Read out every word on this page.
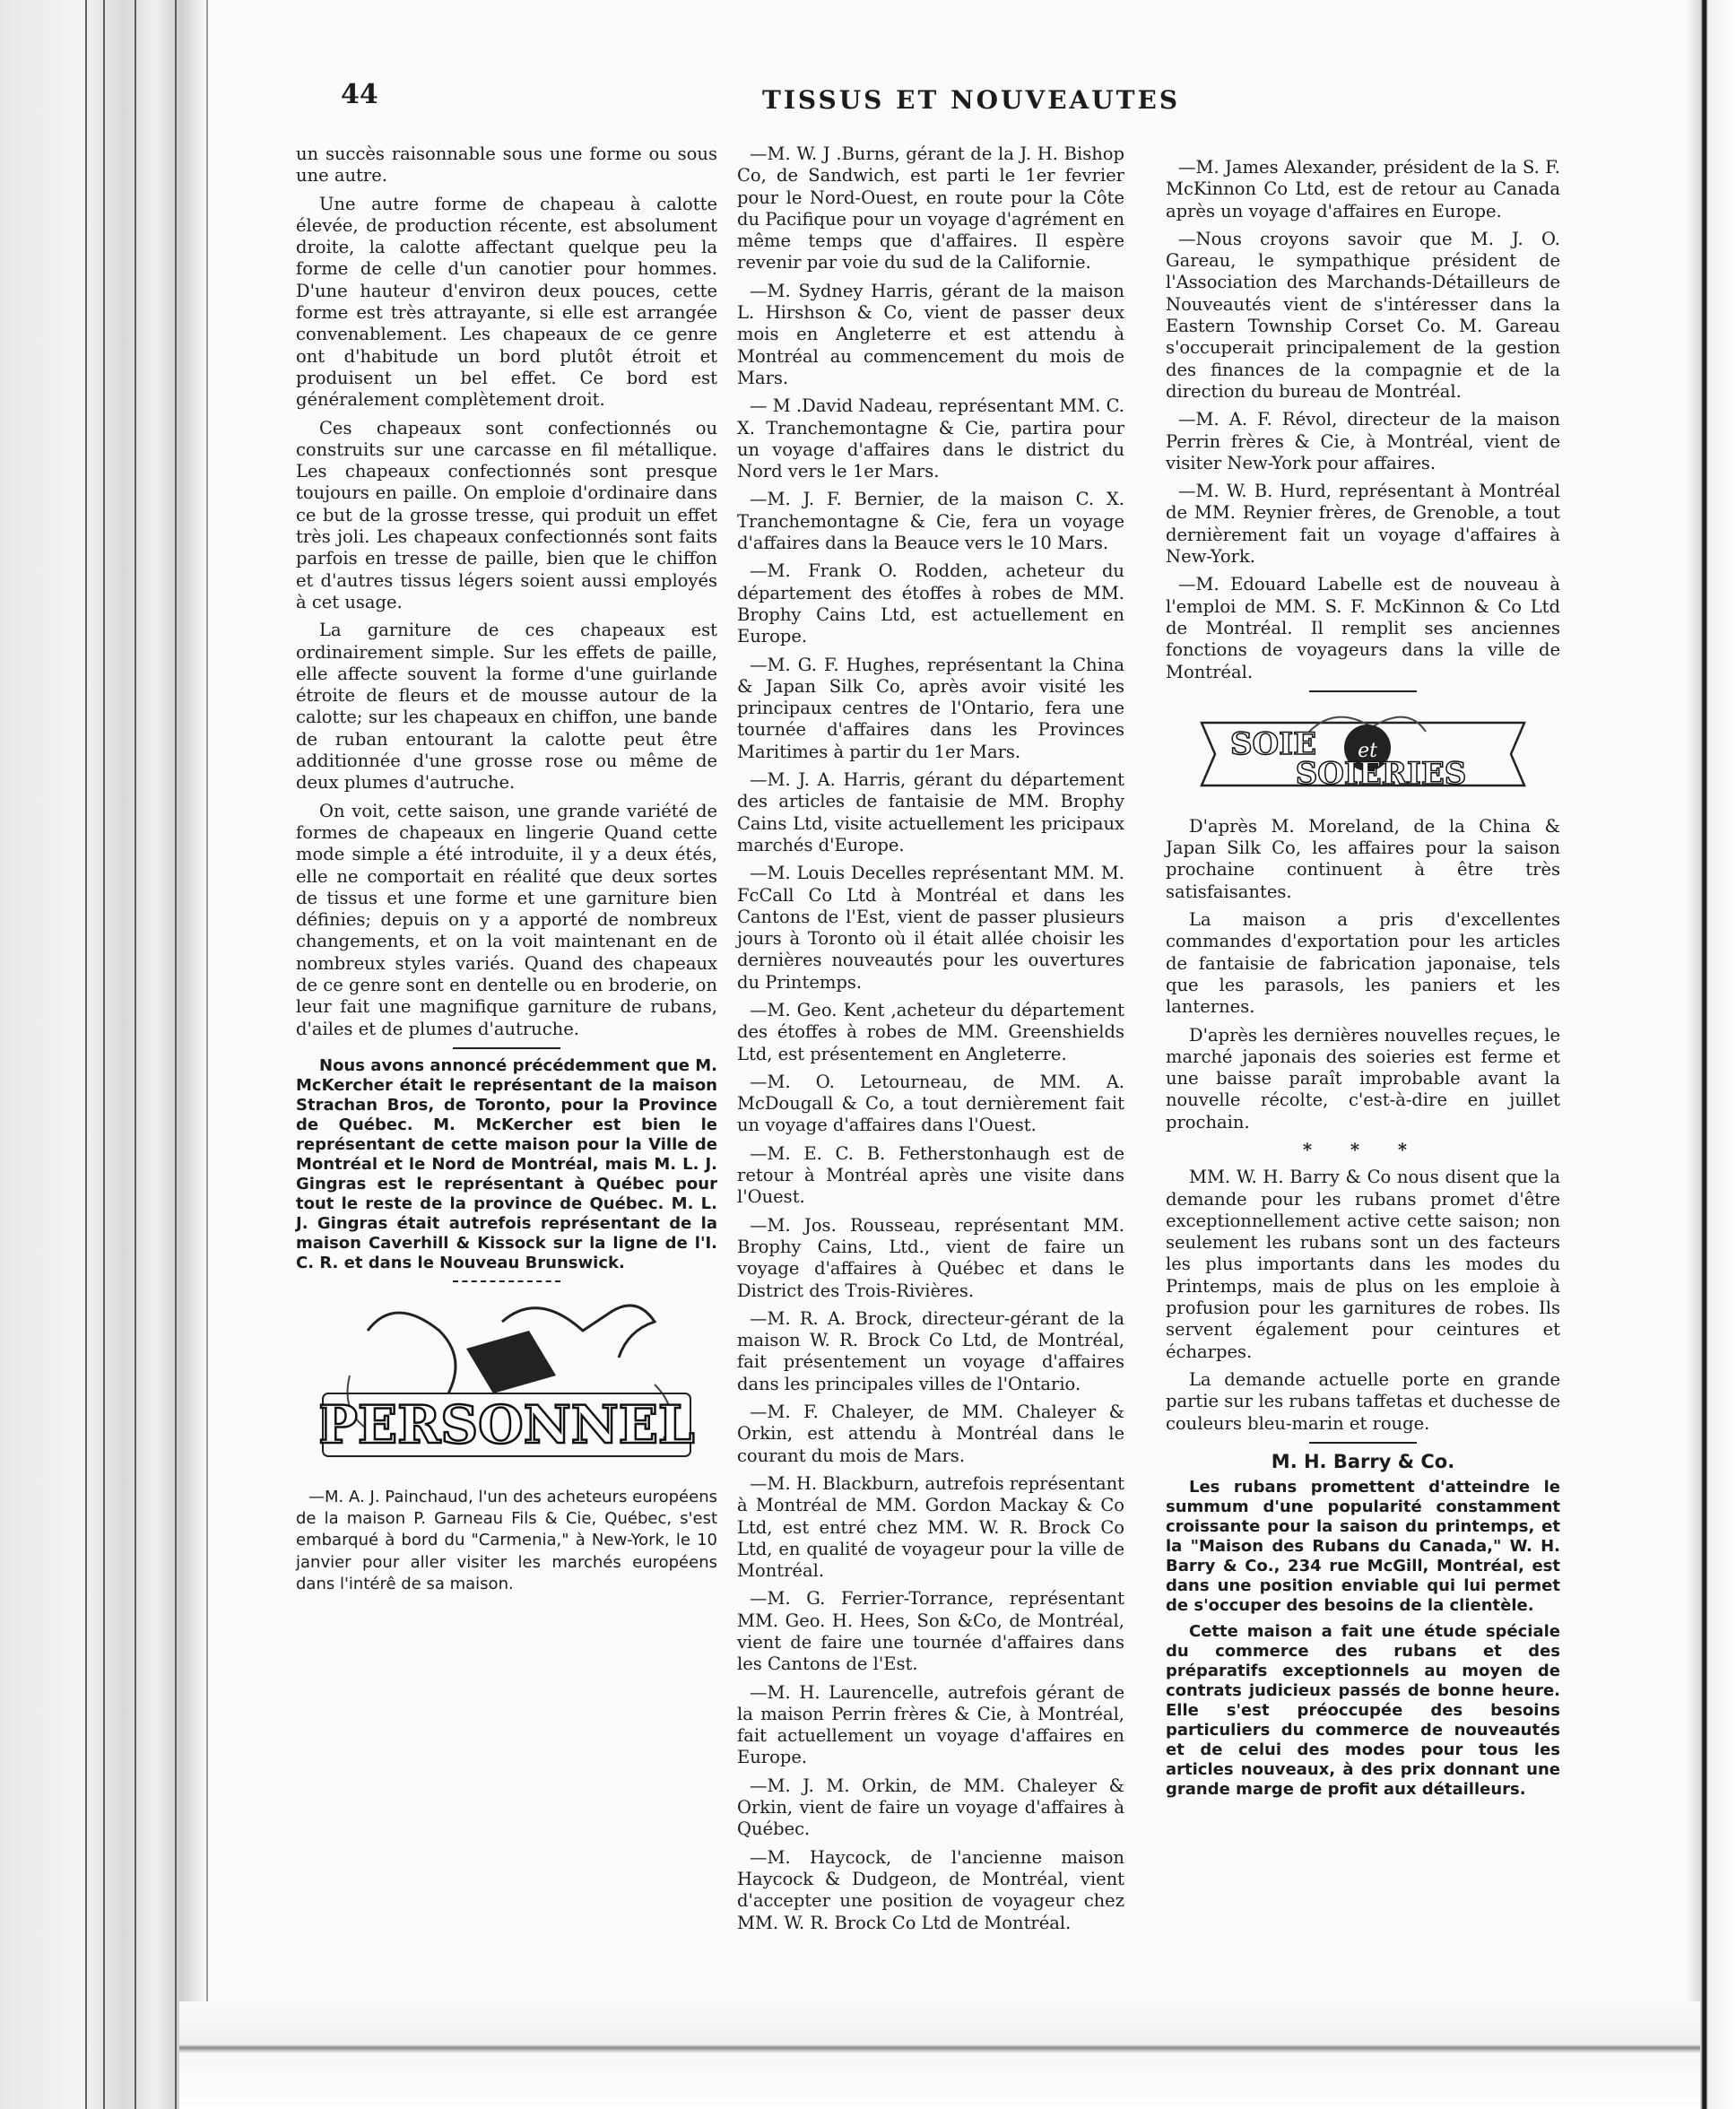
44	TISSUS ET NOUVEAUTES

un succès raisonnable sous une forme ou sous une autre.

Une autre forme de chapeau à calotte élevée, de production récente, est absolument droite, la calotte affectant quelque peu la forme de celle d'un canotier pour hommes. D'une hauteur d'environ deux pouces, cette forme est très attrayante, si elle est arrangée convenablement. Les chapeaux de ce genre ont d'habitude un bord plutôt étroit et produisent un bel effet. Ce bord est généralement complètement droit.

Ces chapeaux sont confectionnés ou construits sur une carcasse en fil métallique. Les chapeaux confectionnés sont presque toujours en paille. On emploie d'ordinaire dans ce but de la grosse tresse, qui produit un effet très joli. Les chapeaux confectionnés sont faits parfois en tresse de paille, bien que le chiffon et d'autres tissus légers soient aussi employés à cet usage.

La garniture de ces chapeaux est ordinairement simple. Sur les effets de paille, elle affecte souvent la forme d'une guirlande étroite de fleurs et de mousse autour de la calotte; sur les chapeaux en chiffon, une bande de ruban entourant la calotte peut être additionnée d'une grosse rose ou même de deux plumes d'autruche.

On voit, cette saison, une grande variété de formes de chapeaux en lingerie Quand cette mode simple a été introduite, il y a deux étés, elle ne comportait en réalité que deux sortes de tissus et une forme et une garniture bien définies; depuis on y a apporté de nombreux changements, et on la voit maintenant en de nombreux styles variés. Quand des chapeaux de ce genre sont en dentelle ou en broderie, on leur fait une magnifique garniture de rubans, d'ailes et de plumes d'autruche.

Nous avons annoncé précédemment que M. McKercher était le représentant de la maison Strachan Bros, de Toronto, pour la Province de Québec. M. McKercher est bien le représentant de cette maison pour la Ville de Montréal et le Nord de Montréal, mais M. L. J. Gingras est le représentant à Québec pour tout le reste de la province de Québec. M. L. J. Gingras était autrefois représentant de la maison Caverhill & Kissock sur la ligne de l'I. C. R. et dans le Nouveau Brunswick.

PERSONNEL

—M. A. J. Painchaud, l'un des acheteurs européens de la maison P. Garneau Fils & Cie, Québec, s'est embarqué à bord du "Carmenia," à New-York, le 10 janvier pour aller visiter les marchés européens dans l'intérê de sa maison.

—M. W. J .Burns, gérant de la J. H. Bishop Co, de Sandwich, est parti le 1er fevrier pour le Nord-Ouest, en route pour la Côte du Pacifique pour un voyage d'agrément en même temps que d'affaires. Il espère revenir par voie du sud de la Californie.

—M. Sydney Harris, gérant de la maison L. Hirshson & Co, vient de passer deux mois en Angleterre et est attendu à Montréal au commencement du mois de Mars.

— M .David Nadeau, représentant MM. C. X. Tranchemontagne & Cie, partira pour un voyage d'affaires dans le district du Nord vers le 1er Mars.

—M. J. F. Bernier, de la maison C. X. Tranchemontagne & Cie, fera un voyage d'affaires dans la Beauce vers le 10 Mars.

—M. Frank O. Rodden, acheteur du département des étoffes à robes de MM. Brophy Cains Ltd, est actuellement en Europe.

—M. G. F. Hughes, représentant la China & Japan Silk Co, après avoir visité les principaux centres de l'Ontario, fera une tournée d'affaires dans les Provinces Maritimes à partir du 1er Mars.

—M. J. A. Harris, gérant du département des articles de fantaisie de MM. Brophy Cains Ltd, visite actuellement les pricipaux marchés d'Europe.

—M. Louis Decelles représentant MM. M. FcCall Co Ltd à Montréal et dans les Cantons de l'Est, vient de passer plusieurs jours à Toronto où il était allée choisir les dernières nouveautés pour les ouvertures du Printemps.

—M. Geo. Kent ,acheteur du département des étoffes à robes de MM. Greenshields Ltd, est présentement en Angleterre.

—M. O. Letourneau, de MM. A. McDougall & Co, a tout dernièrement fait un voyage d'affaires dans l'Ouest.

—M. E. C. B. Fetherstonhaugh est de retour à Montréal après une visite dans l'Ouest.

—M. Jos. Rousseau, représentant MM. Brophy Cains, Ltd., vient de faire un voyage d'affaires à Québec et dans le District des Trois-Rivières.

—M. R. A. Brock, directeur-gérant de la maison W. R. Brock Co Ltd, de Montréal, fait présentement un voyage d'affaires dans les principales villes de l'Ontario.

—M. F. Chaleyer, de MM. Chaleyer & Orkin, est attendu à Montréal dans le courant du mois de Mars.

—M. H. Blackburn, autrefois représentant à Montréal de MM. Gordon Mackay & Co Ltd, est entré chez MM. W. R. Brock Co Ltd, en qualité de voyageur pour la ville de Montréal.

—M. G. Ferrier-Torrance, représentant MM. Geo. H. Hees, Son &Co, de Montréal, vient de faire une tournée d'affaires dans les Cantons de l'Est.

—M. H. Laurencelle, autrefois gérant de la maison Perrin frères & Cie, à Montréal, fait actuellement un voyage d'affaires en Europe.

—M. J. M. Orkin, de MM. Chaleyer & Orkin, vient de faire un voyage d'affaires à Québec.

—M. Haycock, de l'ancienne maison Haycock & Dudgeon, de Montréal, vient d'accepter une position de voyageur chez MM. W. R. Brock Co Ltd de Montréal.

—M. James Alexander, président de la S. F. McKinnon Co Ltd, est de retour au Canada après un voyage d'affaires en Europe.

—Nous croyons savoir que M. J. O. Gareau, le sympathique président de l'Association des Marchands-Détailleurs de Nouveautés vient de s'intéresser dans la Eastern Township Corset Co. M. Gareau s'occuperait principalement de la gestion des finances de la compagnie et de la direction du bureau de Montréal.

—M. A. F. Révol, directeur de la maison Perrin frères & Cie, à Montréal, vient de visiter New-York pour affaires.

—M. W. B. Hurd, représentant à Montréal de MM. Reynier frères, de Grenoble, a tout dernièrement fait un voyage d'affaires à New-York.

—M. Edouard Labelle est de nouveau à l'emploi de MM. S. F. McKinnon & Co Ltd de Montréal. Il remplit ses anciennes fonctions de voyageurs dans la ville de Montréal.

SOIE et
SOIERIES

D'après M. Moreland, de la China & Japan Silk Co, les affaires pour la saison prochaine continuent à être très satisfaisantes.

La maison a pris d'excellentes commandes d'exportation pour les articles de fantaisie de fabrication japonaise, tels que les parasols, les paniers et les lanternes.

D'après les dernières nouvelles reçues, le marché japonais des soieries est ferme et une baisse paraît improbable avant la nouvelle récolte, c'est-à-dire en juillet prochain.

* * *

MM. W. H. Barry & Co nous disent que la demande pour les rubans promet d'être exceptionnellement active cette saison; non seulement les rubans sont un des facteurs les plus importants dans les modes du Printemps, mais de plus on les emploie à profusion pour les garnitures de robes. Ils servent également pour ceintures et écharpes.

La demande actuelle porte en grande partie sur les rubans taffetas et duchesse de couleurs bleu-marin et rouge.

M. H. Barry & Co.

Les rubans promettent d'atteindre le summum d'une popularité constamment croissante pour la saison du printemps, et la "Maison des Rubans du Canada," W. H. Barry & Co., 234 rue McGill, Montréal, est dans une position enviable qui lui permet de s'occuper des besoins de la clientèle.

Cette maison a fait une étude spéciale du commerce des rubans et des préparatifs exceptionnels au moyen de contrats judicieux passés de bonne heure. Elle s'est préoccupée des besoins particuliers du commerce de nouveautés et de celui des modes pour tous les articles nouveaux, à des prix donnant une grande marge de profit aux détailleurs.
